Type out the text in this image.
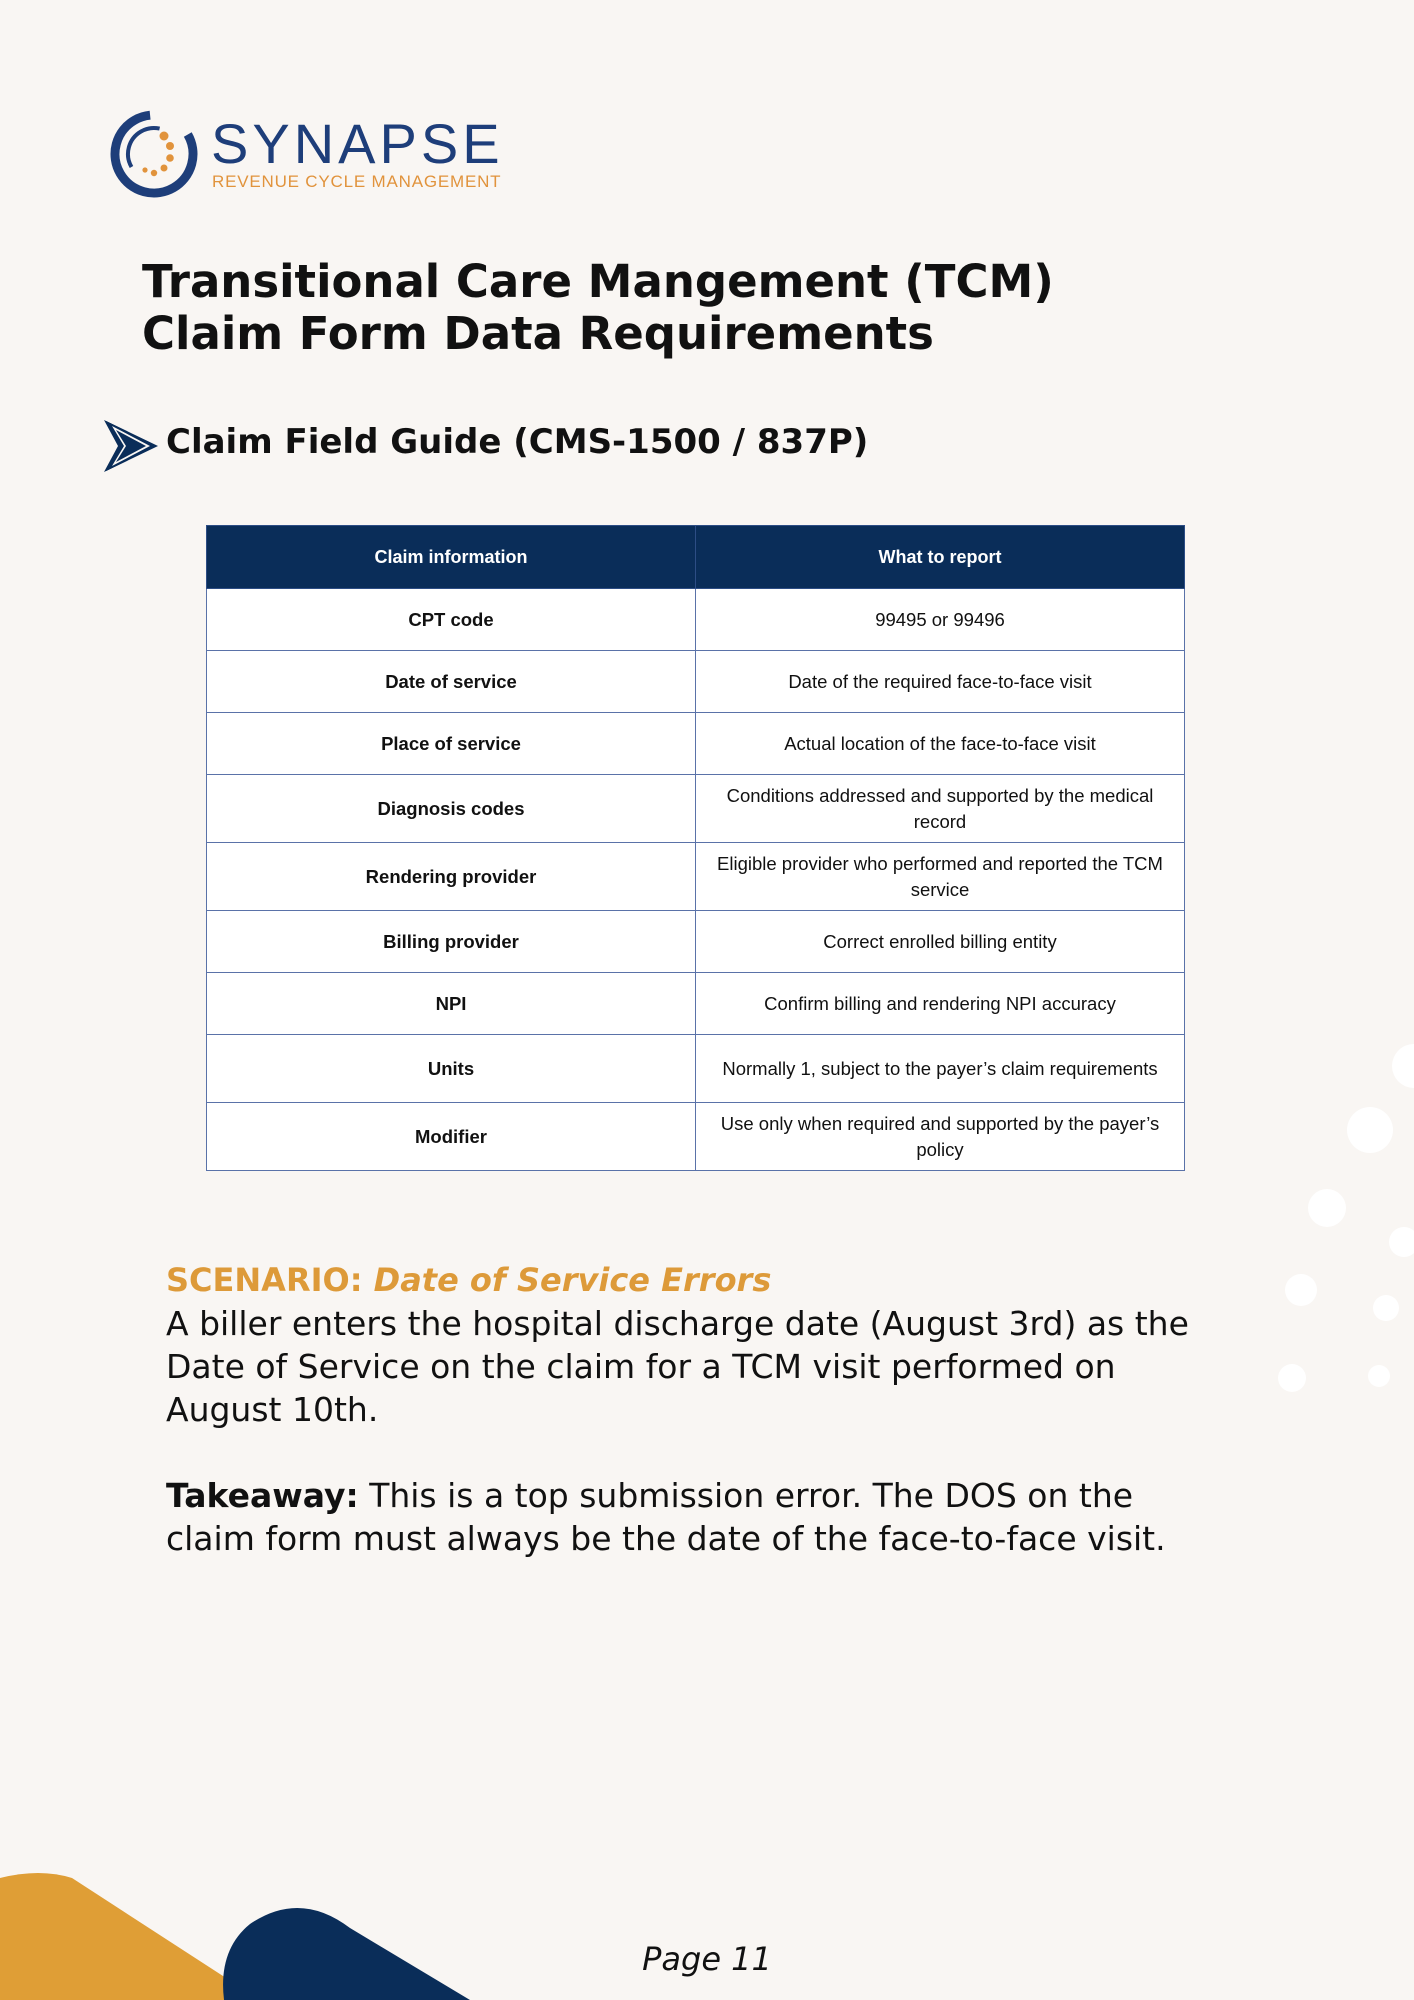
SYNAPSE
REVENUE CYCLE MANAGEMENT
Transitional Care Mangement (TCM)
Claim Form Data Requirements
Claim Field Guide (CMS-1500 / 837P)
Claim information	What to report
CPT code	99495 or 99496
Date of service	Date of the required face-to-face visit
Place of service	Actual location of the face-to-face visit
Diagnosis codes	Conditions addressed and supported by the medical record
Rendering provider	Eligible provider who performed and reported the TCM service
Billing provider	Correct enrolled billing entity
NPI	Confirm billing and rendering NPI accuracy
Units	Normally 1, subject to the payer’s claim requirements
Modifier	Use only when required and supported by the payer’s policy

SCENARIO: Date of Service Errors

A biller enters the hospital discharge date (August 3rd) as the Date of Service on the claim for a TCM visit performed on August 10th.

Takeaway: This is a top submission error. The DOS on the claim form must always be the date of the face-to-face visit.

Page 11
